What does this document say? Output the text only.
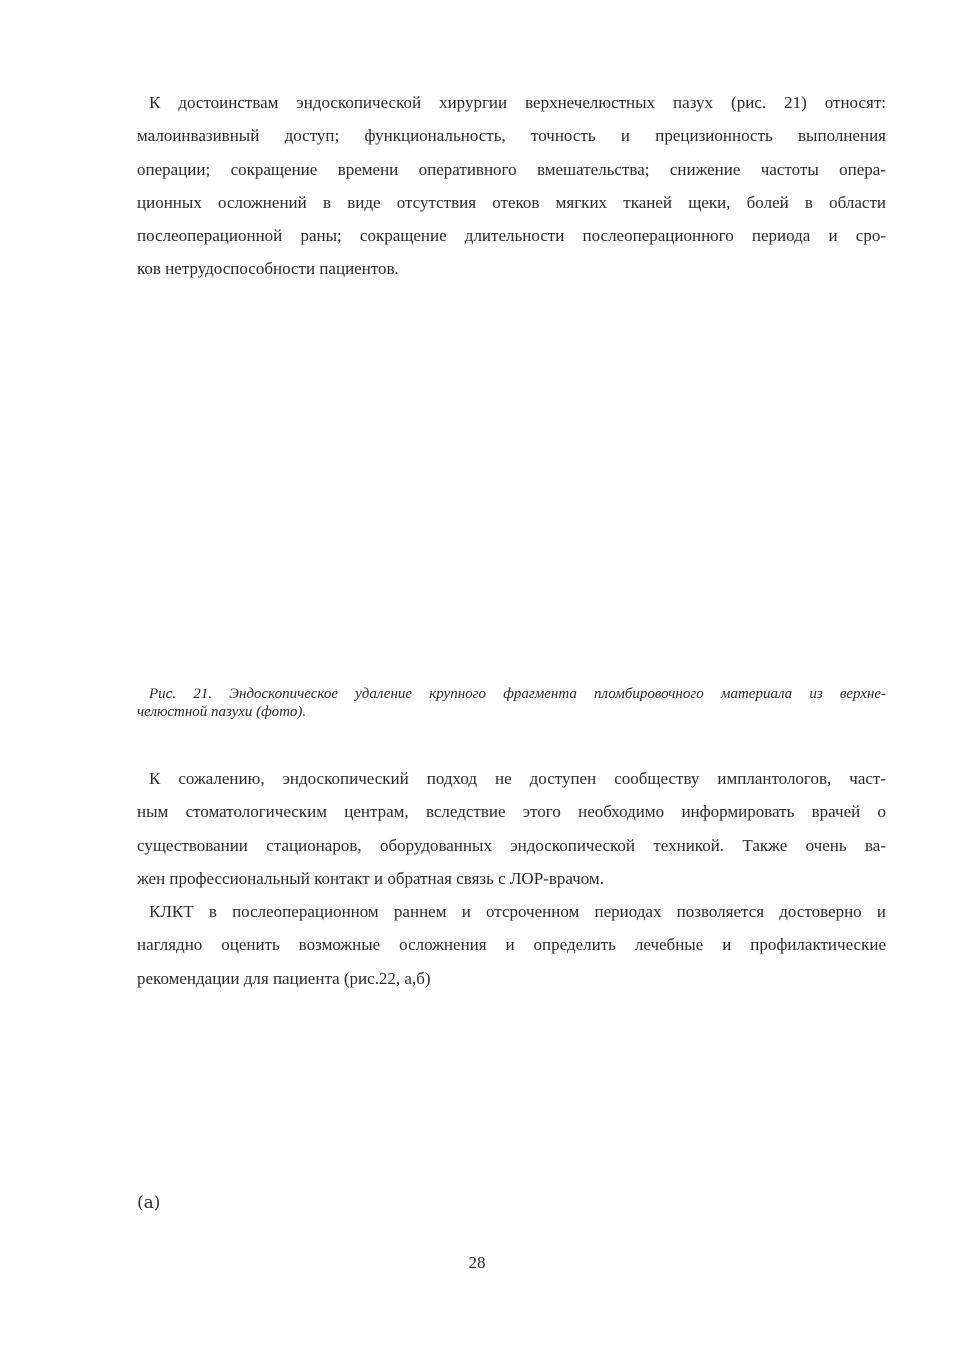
К достоинствам эндоскопической хирургии верхнечелюстных пазух (рис. 21) относят:
малоинвазивный доступ; функциональность, точность и прецизионность выполнения
операции; сокращение времени оперативного вмешательства; снижение частоты опера-
ционных осложнений в виде отсутствия отеков мягких тканей щеки, болей в области
послеоперационной раны; сокращение длительности послеоперационного периода и сро-
ков нетрудоспособности пациентов.
Рис. 21. Эндоскопическое удаление крупного фрагмента пломбировочного материала из верхне-
челюстной пазухи (фото).
К сожалению, эндоскопический подход не доступен сообществу имплантологов, част-
ным стоматологическим центрам, вследствие этого необходимо информировать врачей о
существовании стационаров, оборудованных эндоскопической техникой. Также очень ва-
жен профессиональный контакт и обратная связь с ЛОР-врачом.
КЛКТ в послеоперационном раннем и отсроченном периодах позволяется достоверно и
наглядно оценить возможные осложнения и определить лечебные и профилактические
рекомендации для пациента (рис.22, а,б)
(а)
28
